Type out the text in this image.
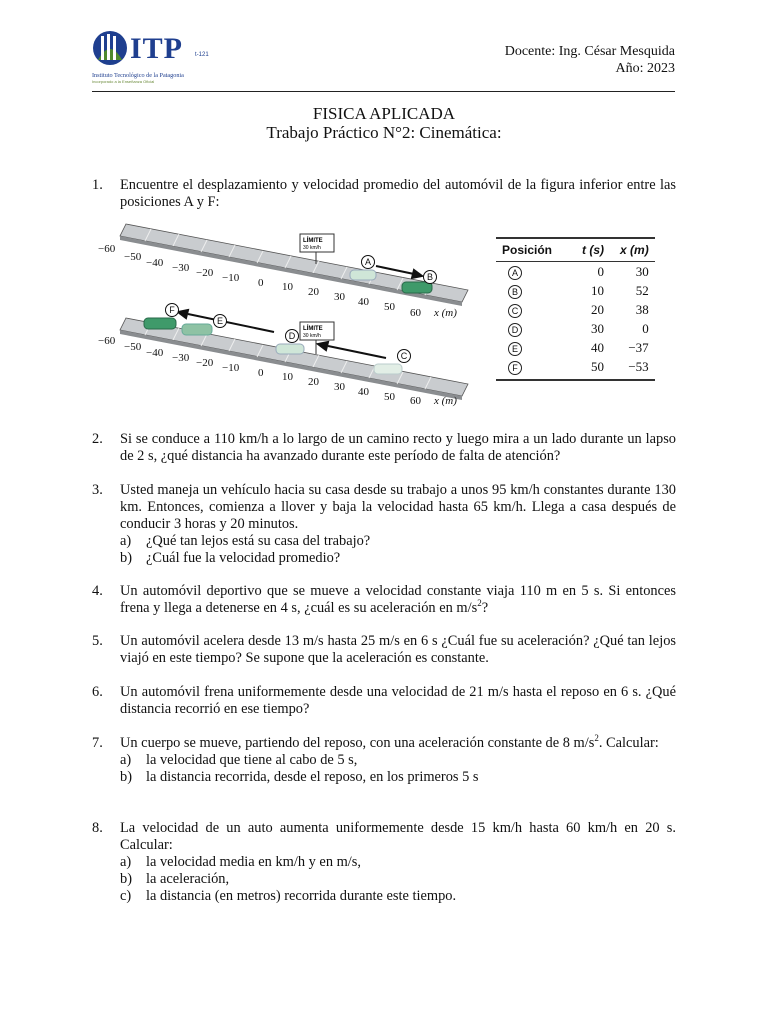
ITP t-121
Instituto Tecnológico de la Patagonia
Incorporado a la Enseñanza Oficial
Docente: Ing. César Mesquida
Año: 2023
FISICA APLICADA
Trabajo Práctico N°2: Cinemática:
1. Encuentre el desplazamiento y velocidad promedio del automóvil de la figura inferior entre las posiciones A y F:
−60
−50 −40 −30 −20 −10 0 10 20 30 40 50 60 x (m)
−60 −50 −40 −30 −20 −10 0 10 20 30 40 50 60 x (m)
LÍMITE
30 km/h
LÍMITE
30 km/h
A
B
C
D
E
F
Posición	t (s)	x (m)
A	0	30
B	10	52
C	20	38
D	30	0
E	40	−37
F	50	−53
2. Si se conduce a 110 km/h a lo largo de un camino recto y luego mira a un lado durante un lapso de 2 s, ¿qué distancia ha avanzado durante este período de falta de atención?
3. Usted maneja un vehículo hacia su casa desde su trabajo a unos 95 km/h constantes durante 130 km. Entonces, comienza a llover y baja la velocidad hasta 65 km/h. Llega a casa después de conducir 3 horas y 20 minutos.
a) ¿Qué tan lejos está su casa del trabajo?
b) ¿Cuál fue la velocidad promedio?
4. Un automóvil deportivo que se mueve a velocidad constante viaja 110 m en 5 s. Si entonces frena y llega a detenerse en 4 s, ¿cuál es su aceleración en $m/s^2$?
5. Un automóvil acelera desde 13 m/s hasta 25 m/s en 6 s ¿Cuál fue su aceleración? ¿Qué tan lejos viajó en este tiempo? Se supone que la aceleración es constante.
6. Un automóvil frena uniformemente desde una velocidad de 21 m/s hasta el reposo en 6 s. ¿Qué distancia recorrió en ese tiempo?
7. Un cuerpo se mueve, partiendo del reposo, con una aceleración constante de 8 $m/s^2$. Calcular:
a) la velocidad que tiene al cabo de 5 s,
b) la distancia recorrida, desde el reposo, en los primeros 5 s
8. La velocidad de un auto aumenta uniformemente desde 15 km/h hasta 60 km/h en 20 s. Calcular:
a) la velocidad media en km/h y en m/s,
b) la aceleración,
c) la distancia (en metros) recorrida durante este tiempo.
